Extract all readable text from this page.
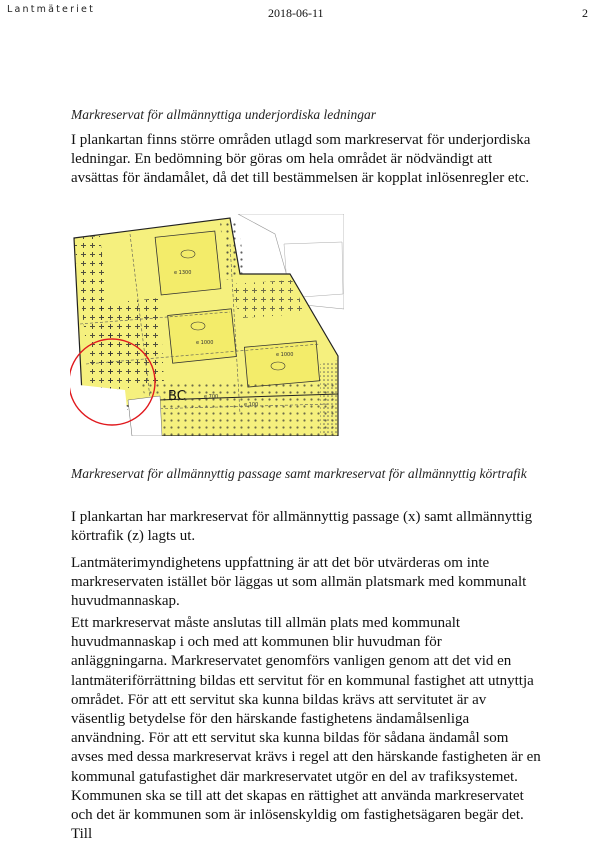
Lantmäteriet	2018-06-11	2
Markreservat för allmännyttiga underjordiska ledningar

I plankartan finns större områden utlagd som markreservat för underjordiska ledningar. En bedömning bör göras om hela området är nödvändigt att avsättas för ändamålet, då det till bestämmelsen är kopplat inlösenregler etc.

e 1300
e 1000
e 1000
e 700
e 100
BC
Markreservat för allmännyttig passage samt markreservat för allmännyttig körtrafik

I plankartan har markreservat för allmännyttig passage (x) samt allmännyttig körtrafik (z) lagts ut.

Lantmäterimyndighetens uppfattning är att det bör utvärderas om inte markreservaten istället bör läggas ut som allmän platsmark med kommunalt huvudmannaskap.

Ett markreservat måste anslutas till allmän plats med kommunalt huvudmannaskap i och med att kommunen blir huvudman för anläggningarna. Markreservatet genomförs vanligen genom att det vid en lantmäteriförrättning bildas ett servitut för en kommunal fastighet att utnyttja området. För att ett servitut ska kunna bildas krävs att servitutet är av väsentlig betydelse för den härskande fastighetens ändamålsenliga användning. För att ett servitut ska kunna bildas för sådana ändamål som avses med dessa markreservat krävs i regel att den härskande fastigheten är en kommunal gatufastighet där markreservatet utgör en del av trafiksystemet. Kommunen ska se till att det skapas en rättighet att använda markreservatet och det är kommunen som är inlösenskyldig om fastighetsägaren begär det. Till
